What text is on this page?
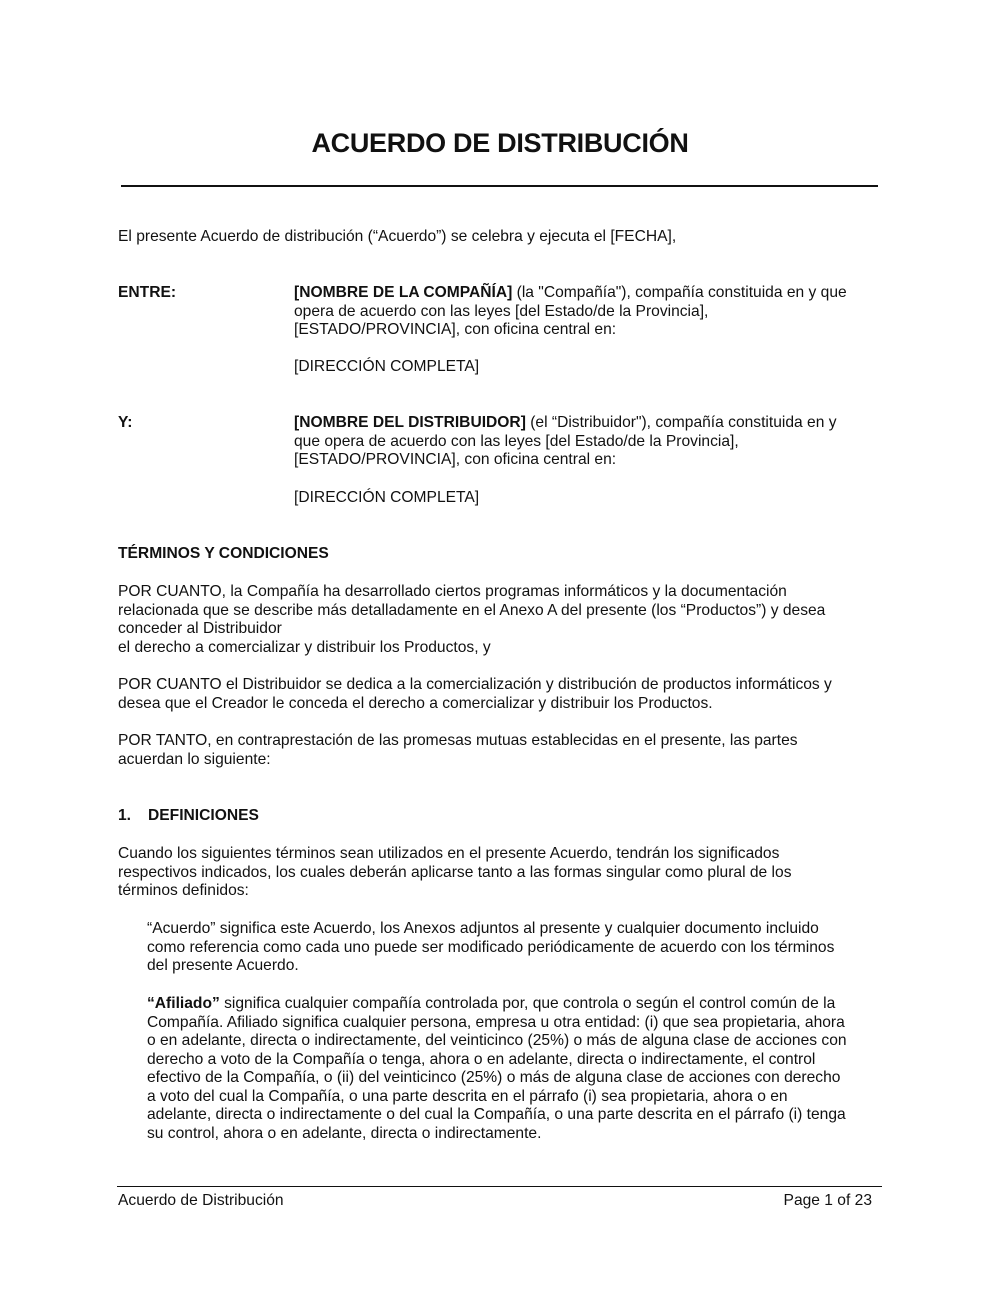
ACUERDO DE DISTRIBUCIÓN
El presente Acuerdo de distribución (“Acuerdo”) se celebra y ejecuta el [FECHA],
ENTRE:	[NOMBRE DE LA COMPAÑÍA] (la "Compañía"), compañía constituida en y que
opera de acuerdo con las leyes [del Estado/de la Provincia],
[ESTADO/PROVINCIA], con oficina central en:
[DIRECCIÓN COMPLETA]
Y:	[NOMBRE DEL DISTRIBUIDOR] (el “Distribuidor"), compañía constituida en y
que opera de acuerdo con las leyes [del Estado/de la Provincia],
[ESTADO/PROVINCIA], con oficina central en:
[DIRECCIÓN COMPLETA]
TÉRMINOS Y CONDICIONES
POR CUANTO, la Compañía ha desarrollado ciertos programas informáticos y la documentación
relacionada que se describe más detalladamente en el Anexo A del presente (los “Productos”) y desea
conceder al Distribuidor
el derecho a comercializar y distribuir los Productos, y
POR CUANTO el Distribuidor se dedica a la comercialización y distribución de productos informáticos y
desea que el Creador le conceda el derecho a comercializar y distribuir los Productos.
POR TANTO, en contraprestación de las promesas mutuas establecidas en el presente, las partes
acuerdan lo siguiente:
1. DEFINICIONES
Cuando los siguientes términos sean utilizados en el presente Acuerdo, tendrán los significados
respectivos indicados, los cuales deberán aplicarse tanto a las formas singular como plural de los
términos definidos:
“Acuerdo” significa este Acuerdo, los Anexos adjuntos al presente y cualquier documento incluido
como referencia como cada uno puede ser modificado periódicamente de acuerdo con los términos
del presente Acuerdo.
“Afiliado” significa cualquier compañía controlada por, que controla o según el control común de la
Compañía. Afiliado significa cualquier persona, empresa u otra entidad: (i) que sea propietaria, ahora
o en adelante, directa o indirectamente, del veinticinco (25%) o más de alguna clase de acciones con
derecho a voto de la Compañía o tenga, ahora o en adelante, directa o indirectamente, el control
efectivo de la Compañía, o (ii) del veinticinco (25%) o más de alguna clase de acciones con derecho
a voto del cual la Compañía, o una parte descrita en el párrafo (i) sea propietaria, ahora o en
adelante, directa o indirectamente o del cual la Compañía, o una parte descrita en el párrafo (i) tenga
su control, ahora o en adelante, directa o indirectamente.
Acuerdo de Distribución	Page 1 of 23
